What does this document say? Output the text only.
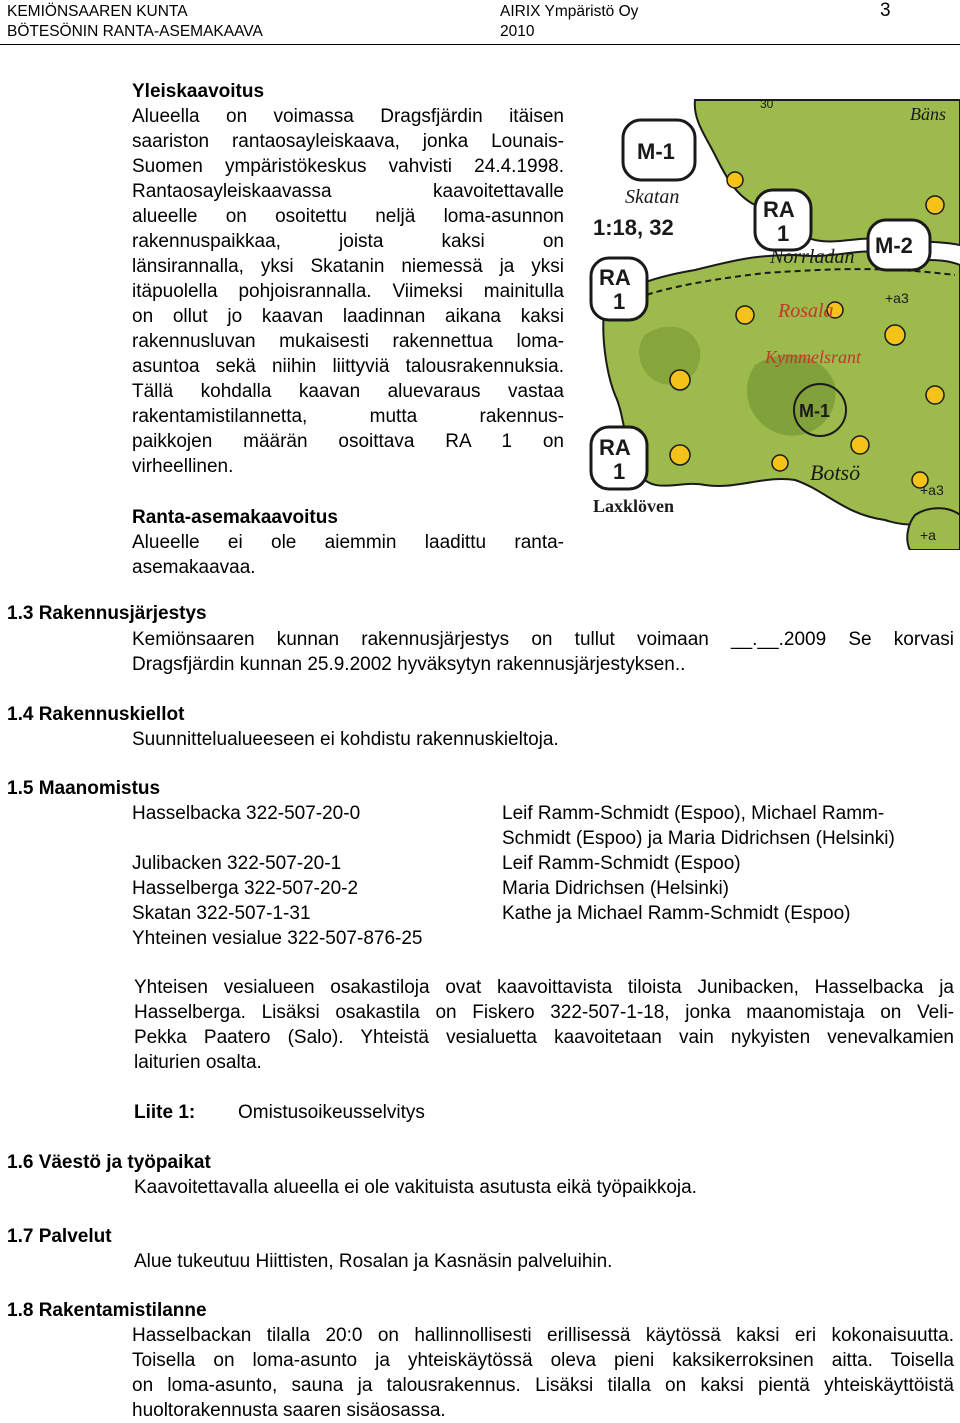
KEMIÖNSAAREN KUNTA
BÖTESÖNIN RANTA-ASEMAKAAVA
AIRIX Ympäristö Oy
2010
3
Yleiskaavoitus
Alueella on voimassa Dragsfjärdin itäisen
saariston rantaosayleiskaava, jonka Lounais-
Suomen ympäristökeskus vahvisti 24.4.1998.
Rantaosayleiskaavassa kaavoitettavalle
alueelle on osoitettu neljä loma-asunnon
rakennuspaikkaa, joista kaksi on
länsirannalla, yksi Skatanin niemessä ja yksi
itäpuolella pohjoisrannalla. Viimeksi mainitulla
on ollut jo kaavan laadinnan aikana kaksi
rakennusluvan mukaisesti rakennettua loma-
asuntoa sekä niihin liittyviä talousrakennuksia.
Tällä kohdalla kaavan aluevaraus vastaa
rakentamistilannetta, mutta rakennus-
paikkojen määrän osoittava RA 1 on
virheellinen.
Ranta-asemakaavoitus
Alueelle ei ole aiemmin laadittu ranta-
asemakaavaa.
M-1
Skatan
1:18, 32
RA
1
Norrladan M-2
RA
1	Rosala
Kymmelsrant
M-1
RA
1	Botsö
Laxklöven
Bäns
30
+a3
+a3
+a
1.3 Rakennusjärjestys
Kemiönsaaren kunnan rakennusjärjestys on tullut voimaan __.__.2009 Se korvasi
Dragsfjärdin kunnan 25.9.2002 hyväksytyn rakennusjärjestyksen..
1.4 Rakennuskiellot
Suunnittelualueeseen ei kohdistu rakennuskieltoja.
1.5 Maanomistus
Hasselbacka 322-507-20-0	Leif Ramm-Schmidt (Espoo), Michael Ramm-
Schmidt (Espoo) ja Maria Didrichsen (Helsinki)
Julibacken 322-507-20-1	Leif Ramm-Schmidt (Espoo)
Hasselberga 322-507-20-2	Maria Didrichsen (Helsinki)
Skatan 322-507-1-31	Kathe ja Michael Ramm-Schmidt (Espoo)
Yhteinen vesialue 322-507-876-25
Yhteisen vesialueen osakastiloja ovat kaavoittavista tiloista Junibacken, Hasselbacka ja
Hasselberga. Lisäksi osakastila on Fiskero 322-507-1-18, jonka maanomistaja on Veli-
Pekka Paatero (Salo). Yhteistä vesialuetta kaavoitetaan vain nykyisten venevalkamien
laiturien osalta.
Liite 1: Omistusoikeusselvitys
1.6 Väestö ja työpaikat
Kaavoitettavalla alueella ei ole vakituista asutusta eikä työpaikkoja.
1.7 Palvelut
Alue tukeutuu Hiittisten, Rosalan ja Kasnäsin palveluihin.
1.8 Rakentamistilanne
Hasselbackan tilalla 20:0 on hallinnollisesti erillisessä käytössä kaksi eri kokonaisuutta.
Toisella on loma-asunto ja yhteiskäytössä oleva pieni kaksikerroksinen aitta. Toisella
on loma-asunto, sauna ja talousrakennus. Lisäksi tilalla on kaksi pientä yhteiskäyttöistä
huoltorakennusta saaren sisäosassa.
